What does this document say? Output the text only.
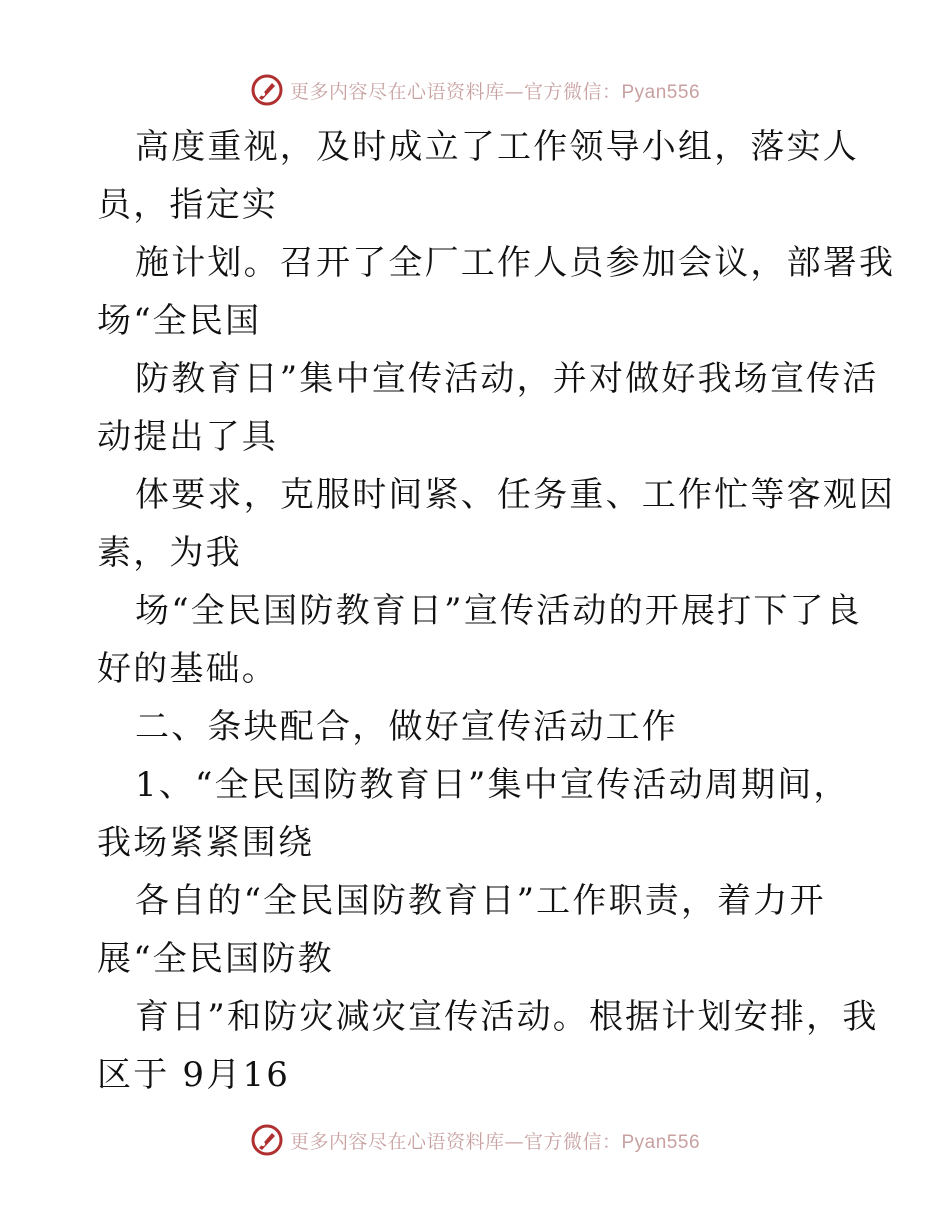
更多内容尽在心语资料库—官方微信：Pyan556
高度重视，及时成立了工作领导小组，落实人
员，指定实
施计划。召开了全厂工作人员参加会议，部署我
场“全民国
防教育日”集中宣传活动，并对做好我场宣传活
动提出了具
体要求，克服时间紧、任务重、工作忙等客观因
素，为我
场“全民国防教育日”宣传活动的开展打下了良
好的基础。
二、条块配合，做好宣传活动工作
1、“全民国防教育日”集中宣传活动周期间，
我场紧紧围绕
各自的“全民国防教育日”工作职责，着力开
展“全民国防教
育日”和防灾减灾宣传活动。根据计划安排，我
区于 9月16
更多内容尽在心语资料库—官方微信：Pyan556
